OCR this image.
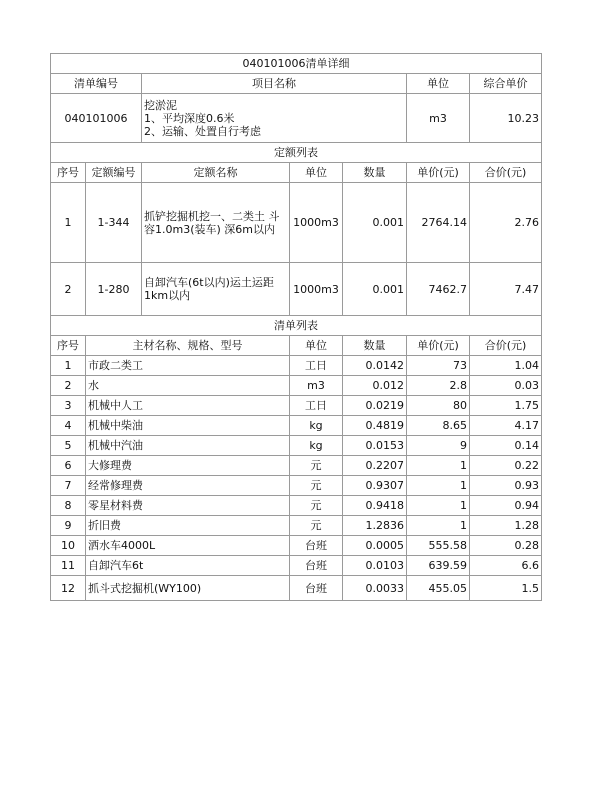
040101006清单详细						
清单编号		项目名称			单位	综合单价
040101006		挖淤泥
1、平均深度0.6米
2、运输、处置自行考虑			m3	10.23
定额列表						
序号	定额编号	定额名称	单位	数量	单价(元)	合价(元)
1	1-344	抓铲挖掘机挖一、二类土 斗容1.0m3(装车) 深6m以内	1000m3	0.001	2764.14	2.76
2	1-280	自卸汽车(6t以内)运土运距1km以内	1000m3	0.001	7462.7	7.47
清单列表						
序号	主材名称、规格、型号		单位	数量	单价(元)	合价(元)
1	市政二类工		工日	0.0142	73	1.04
2	水		m3	0.012	2.8	0.03
3	机械中人工		工日	0.0219	80	1.75
4	机械中柴油		kg	0.4819	8.65	4.17
5	机械中汽油		kg	0.0153	9	0.14
6	大修理费		元	0.2207	1	0.22
7	经常修理费		元	0.9307	1	0.93
8	零星材料费		元	0.9418	1	0.94
9	折旧费		元	1.2836	1	1.28
10	洒水车4000L		台班	0.0005	555.58	0.28
11	自卸汽车6t		台班	0.0103	639.59	6.6
12	抓斗式挖掘机(WY100)		台班	0.0033	455.05	1.5
